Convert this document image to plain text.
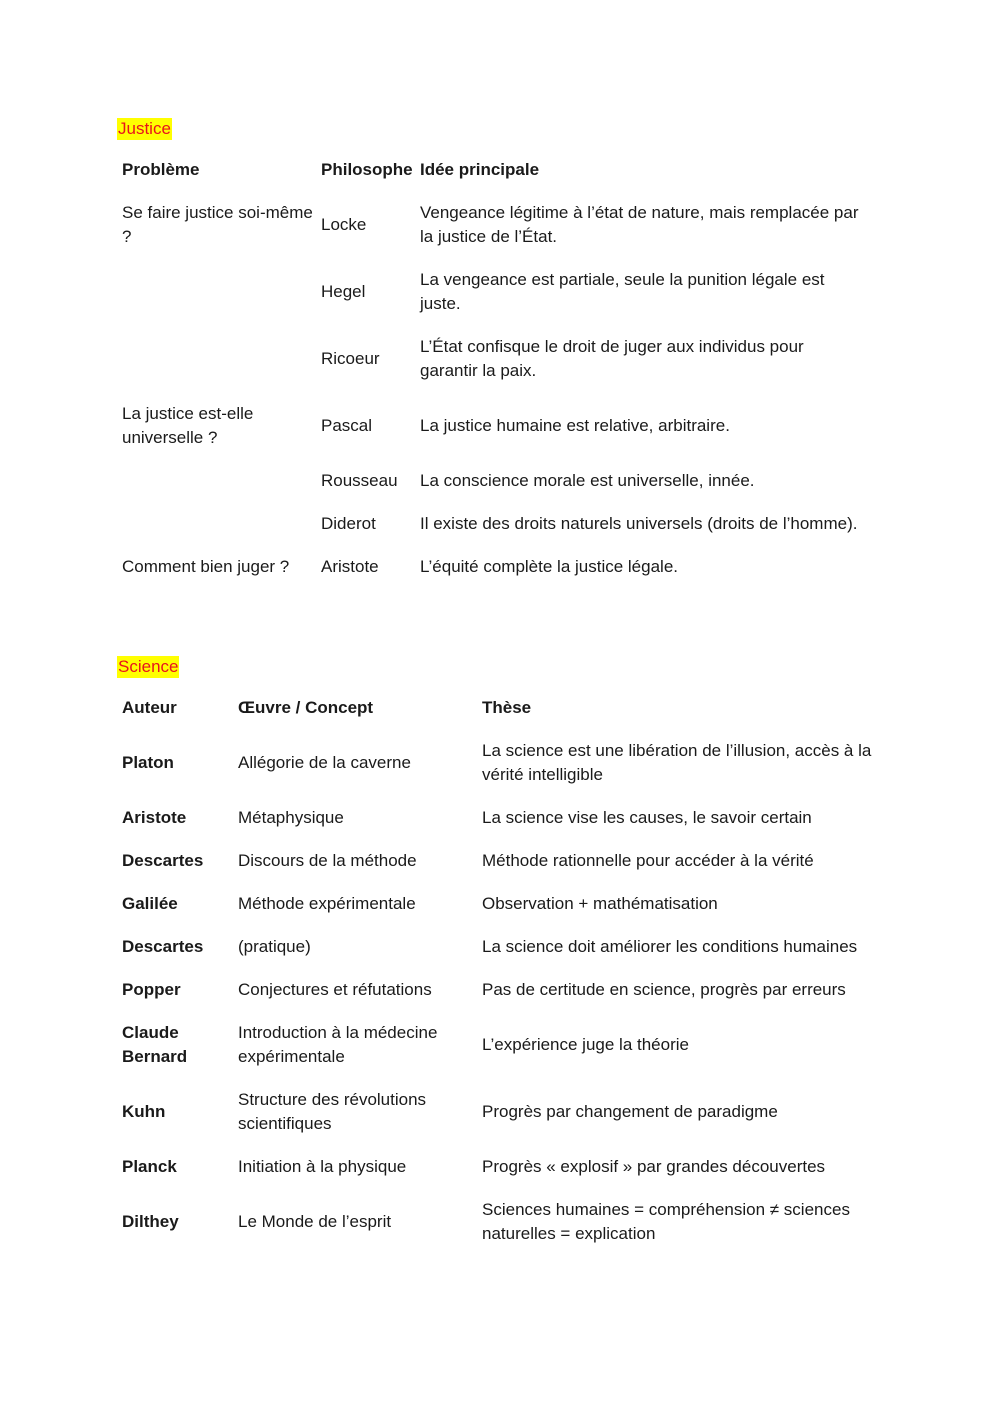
Justice
Problème	Philosophe	Idée principale
Se faire justice soi-même ?	Locke	Vengeance légitime à l’état de nature, mais remplacée par la justice de l’État.
	Hegel	La vengeance est partiale, seule la punition légale est juste.
	Ricoeur	L’État confisque le droit de juger aux individus pour garantir la paix.
La justice est-elle universelle ?	Pascal	La justice humaine est relative, arbitraire.
	Rousseau	La conscience morale est universelle, innée.
	Diderot	Il existe des droits naturels universels (droits de l’homme).
Comment bien juger ?	Aristote	L’équité complète la justice légale.
Science
Auteur	Œuvre / Concept	Thèse
Platon	Allégorie de la caverne	La science est une libération de l’illusion, accès à la vérité intelligible
Aristote	Métaphysique	La science vise les causes, le savoir certain
Descartes	Discours de la méthode	Méthode rationnelle pour accéder à la vérité
Galilée	Méthode expérimentale	Observation + mathématisation
Descartes	(pratique)	La science doit améliorer les conditions humaines
Popper	Conjectures et réfutations	Pas de certitude en science, progrès par erreurs
Claude Bernard	Introduction à la médecine expérimentale	L’expérience juge la théorie
Kuhn	Structure des révolutions scientifiques	Progrès par changement de paradigme
Planck	Initiation à la physique	Progrès « explosif » par grandes découvertes
Dilthey	Le Monde de l’esprit	Sciences humaines = compréhension ≠ sciences naturelles = explication
